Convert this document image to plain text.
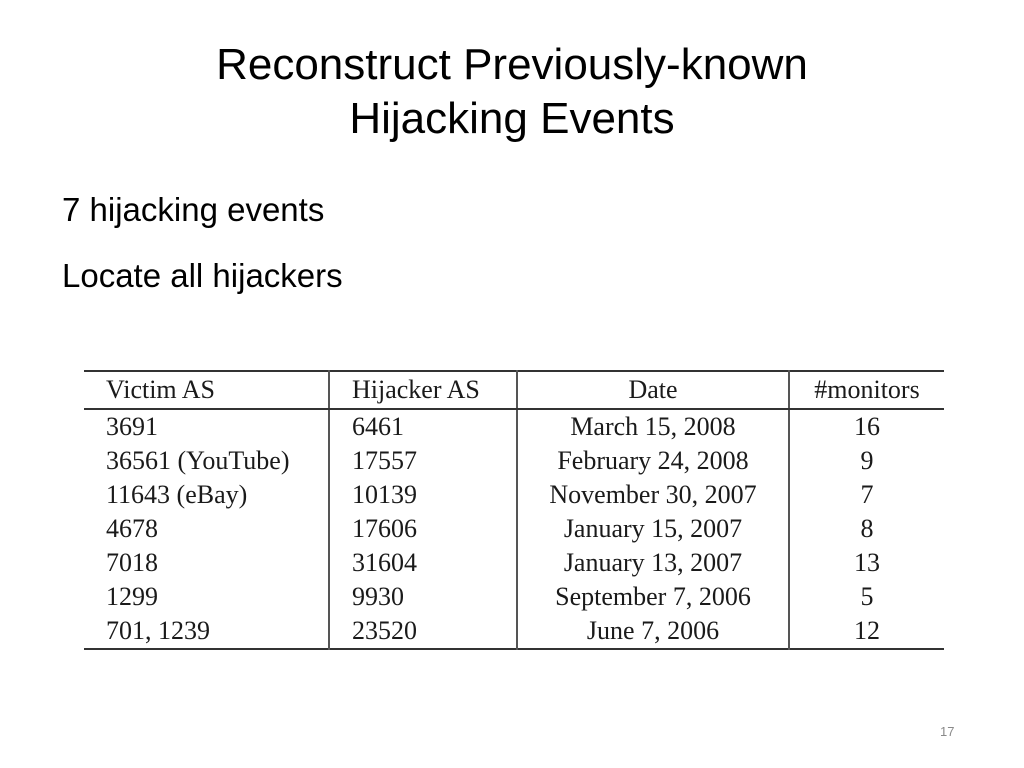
Reconstruct Previously-known
Hijacking Events
7 hijacking events
Locate all hijackers
Victim AS	Hijacker AS	Date	#monitors
3691	6461	March 15, 2008	16
36561 (YouTube)	17557	February 24, 2008	9
11643 (eBay)	10139	November 30, 2007	7
4678	17606	January 15, 2007	8
7018	31604	January 13, 2007	13
1299	9930	September 7, 2006	5
701, 1239	23520	June 7, 2006	12
17
